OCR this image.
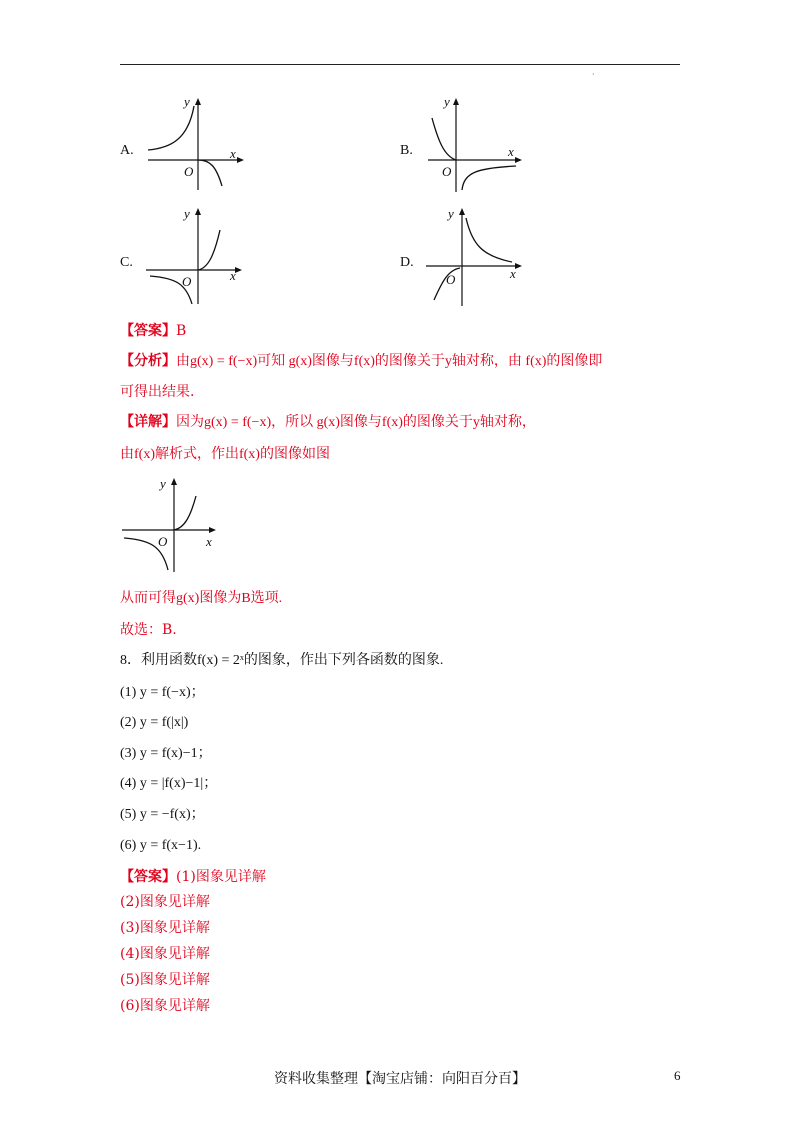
·
A.
y
x
O
B.
y
x
O
C.
y
x
O
D.
y
x
O
【答案】B
【分析】由g(x) = f(−x)可知 g(x)图像与f(x)的图像关于y轴对称，由 f(x)的图像即
可得出结果.
【详解】因为g(x) = f(−x)，所以 g(x)图像与f(x)的图像关于y轴对称，
由f(x)解析式，作出f(x)的图像如图
y
x
O
从而可得g(x)图像为B选项.
故选：B.
8．利用函数f(x) = 2ˣ的图象，作出下列各函数的图象.
(1) y = f(−x)；
(2) y = f(|x|)
(3) y = f(x)−1；
(4) y = |f(x)−1|；
(5) y = −f(x)；
(6) y = f(x−1).
【答案】(1)图象见详解
(2)图象见详解
(3)图象见详解
(4)图象见详解
(5)图象见详解
(6)图象见详解
资料收集整理【淘宝店铺：向阳百分百】	6
